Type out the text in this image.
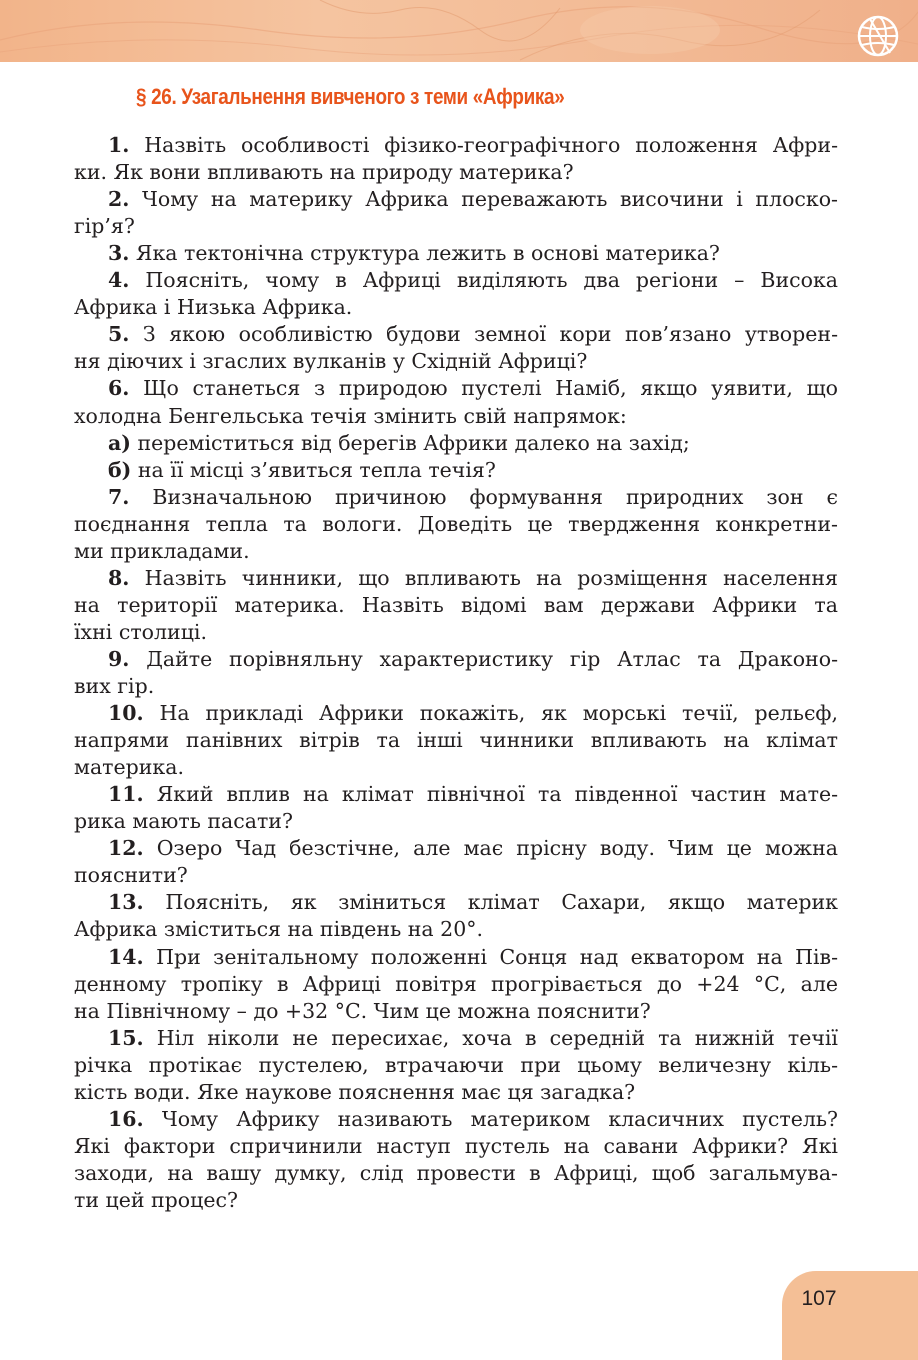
§ 26. Узагальнення вивченого з теми «Африка»
1. Назвіть особливості фізико-географічного положення Афри-
ки. Як вони впливають на природу материка?
2. Чому на материку Африка переважають височини і плоско-
гір’я?
3. Яка тектонічна структура лежить в основі материка?
4. Поясніть, чому в Африці виділяють два регіони – Висока
Африка і Низька Африка.
5. З якою особливістю будови земної кори пов’язано утворен-
ня діючих і згаслих вулканів у Східній Африці?
6. Що станеться з природою пустелі Наміб, якщо уявити, що
холодна Бенгельська течія змінить свій напрямок:
а) переміститься від берегів Африки далеко на захід;
б) на її місці з’явиться тепла течія?
7. Визначальною причиною формування природних зон є
поєднання тепла та вологи. Доведіть це твердження конкретни-
ми прикладами.
8. Назвіть чинники, що впливають на розміщення населення
на території материка. Назвіть відомі вам держави Африки та
їхні столиці.
9. Дайте порівняльну характеристику гір Атлас та Драконо-
вих гір.
10. На прикладі Африки покажіть, як морські течії, рельєф,
напрями панівних вітрів та інші чинники впливають на клімат
материка.
11. Який вплив на клімат північної та південної частин мате-
рика мають пасати?
12. Озеро Чад безстічне, але має прісну воду. Чим це можна
пояснити?
13. Поясніть, як зміниться клімат Сахари, якщо материк
Африка зміститься на південь на 20°.
14. При зенітальному положенні Сонця над екватором на Пів-
денному тропіку в Африці повітря прогрівається до +24 °С, але
на Північному – до +32 °С. Чим це можна пояснити?
15. Ніл ніколи не пересихає, хоча в середній та нижній течії
річка протікає пустелею, втрачаючи при цьому величезну кіль-
кість води. Яке наукове пояснення має ця загадка?
16. Чому Африку називають материком класичних пустель?
Які фактори спричинили наступ пустель на савани Африки? Які
заходи, на вашу думку, слід провести в Африці, щоб загальмува-
ти цей процес?
107
